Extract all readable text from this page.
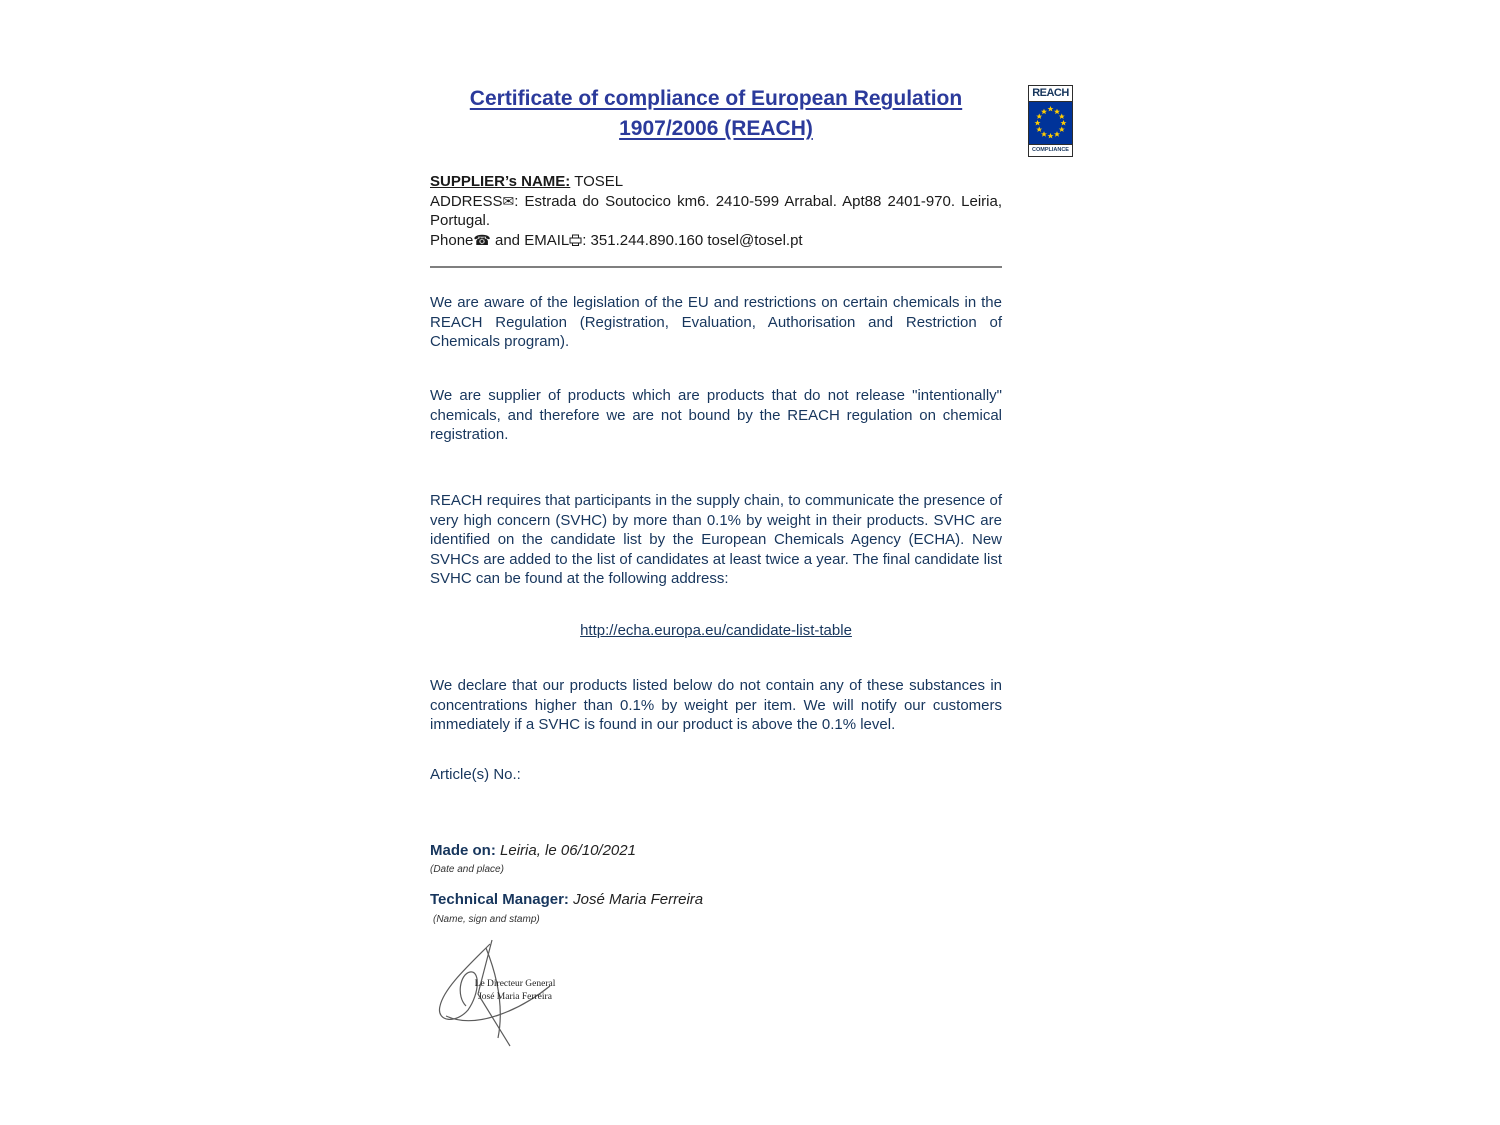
Certificate of compliance of European Regulation
1907/2006 (REACH)
REACH
COMPLIANCE

SUPPLIER’s NAME: TOSEL

ADDRESS✉: Estrada do Soutocico km6. 2410-599 Arrabal. Apt88 2401-970. Leiria, Portugal.

Phone☎ and EMAIL : 351.244.890.160 tosel@tosel.pt

We are aware of the legislation of the EU and restrictions on certain chemicals in the REACH Regulation (Registration, Evaluation, Authorisation and Restriction of Chemicals program).

We are supplier of products which are products that do not release "intentionally" chemicals, and therefore we are not bound by the REACH regulation on chemical registration.

REACH requires that participants in the supply chain, to communicate the presence of very high concern (SVHC) by more than 0.1% by weight in their products. SVHC are identified on the candidate list by the European Chemicals Agency (ECHA). New SVHCs are added to the list of candidates at least twice a year. The final candidate list SVHC can be found at the following address:

http://echa.europa.eu/candidate-list-table

We declare that our products listed below do not contain any of these substances in concentrations higher than 0.1% by weight per item. We will notify our customers immediately if a SVHC is found in our product is above the 0.1% level.

Article(s) No.:

Made on: Leiria, le 06/10/2021
(Date and place)
Technical Manager: José Maria Ferreira
(Name, sign and stamp)
Le Directeur General
José Maria Ferreira
